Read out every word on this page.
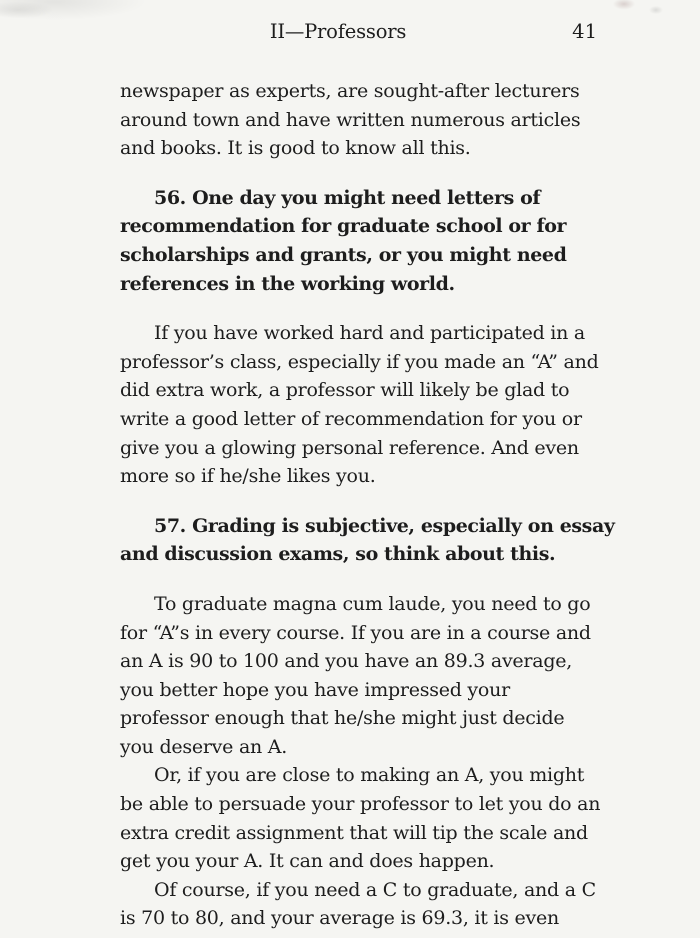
II—Professors	41
newspaper as experts, are sought-after lecturers
around town and have written numerous articles
and books. It is good to know all this.
56. One day you might need letters of
recommendation for graduate school or for
scholarships and grants, or you might need
references in the working world.
If you have worked hard and participated in a
professor’s class, especially if you made an “A” and
did extra work, a professor will likely be glad to
write a good letter of recommendation for you or
give you a glowing personal reference. And even
more so if he/she likes you.
57. Grading is subjective, especially on essay
and discussion exams, so think about this.
To graduate magna cum laude, you need to go
for “A”s in every course. If you are in a course and
an A is 90 to 100 and you have an 89.3 average,
you better hope you have impressed your
professor enough that he/she might just decide
you deserve an A.
Or, if you are close to making an A, you might
be able to persuade your professor to let you do an
extra credit assignment that will tip the scale and
get you your A. It can and does happen.
Of course, if you need a C to graduate, and a C
is 70 to 80, and your average is 69.3, it is even
